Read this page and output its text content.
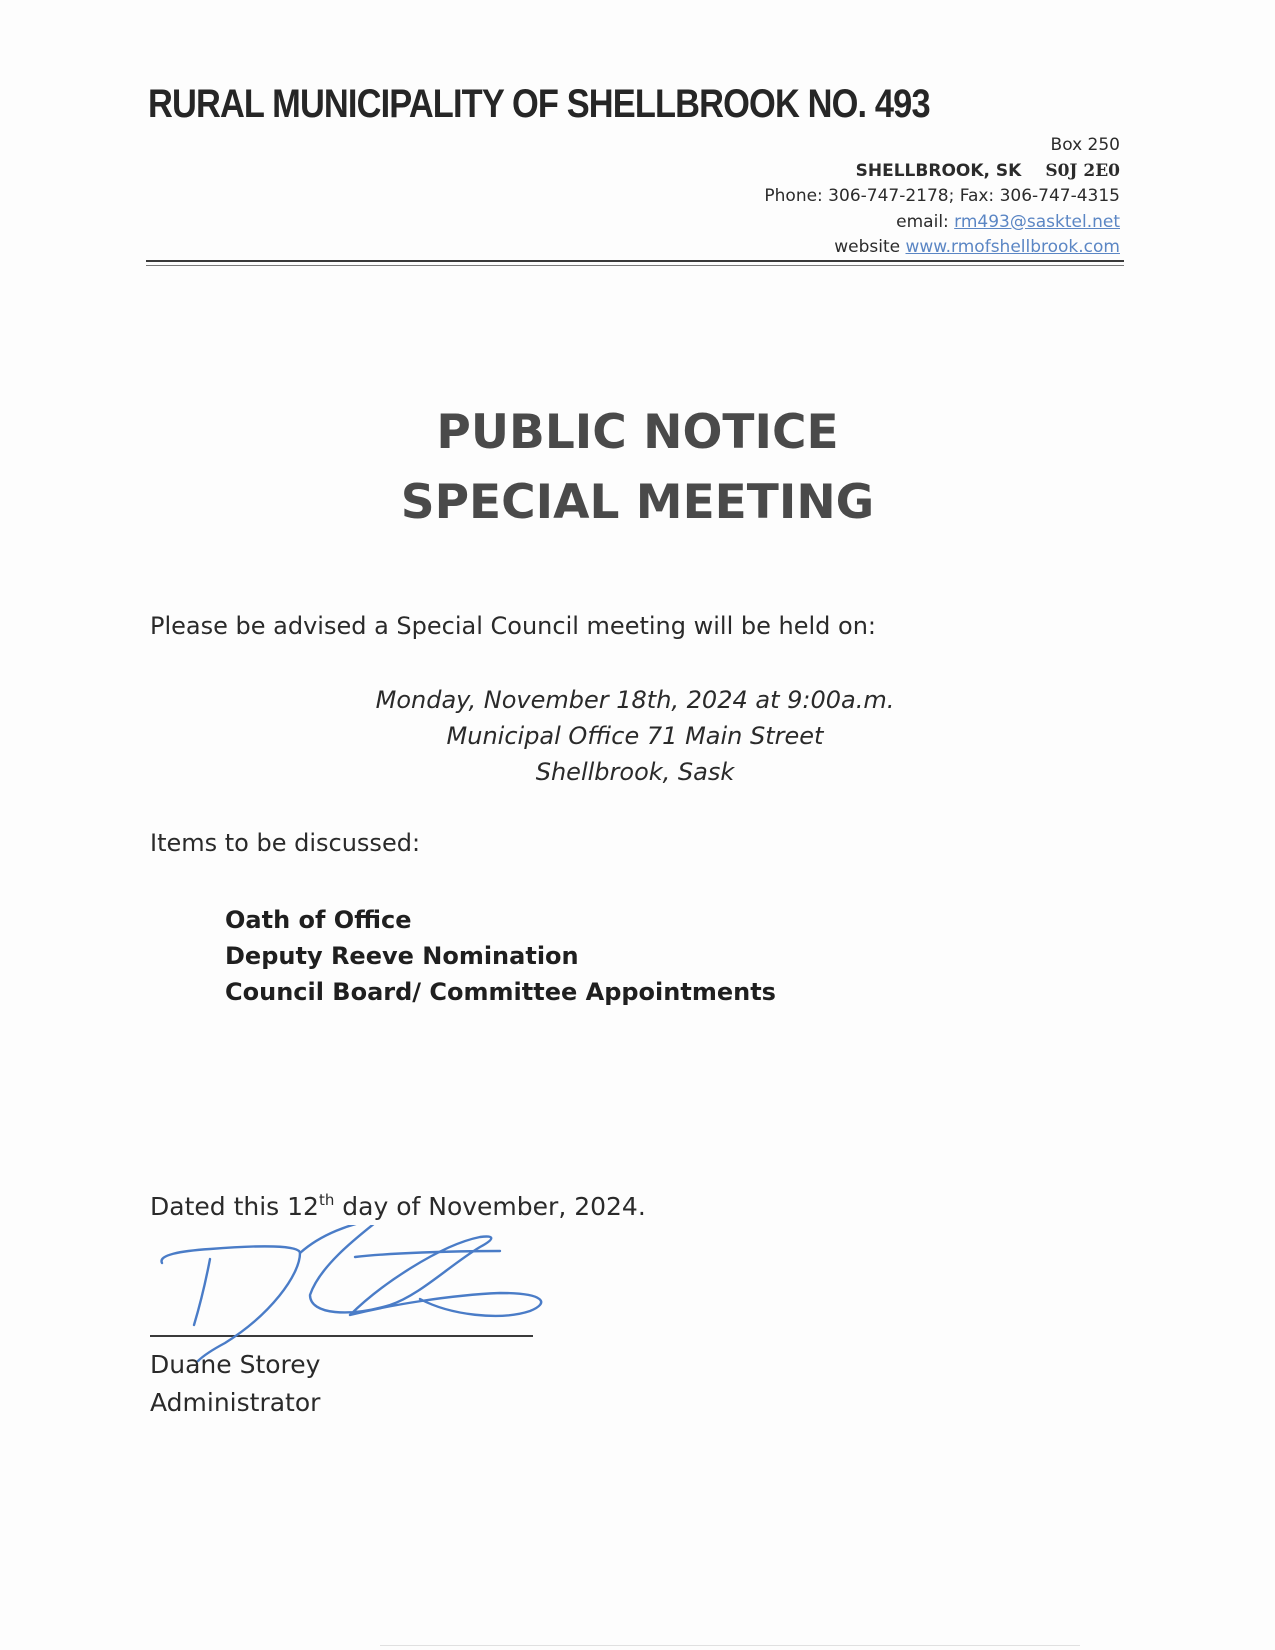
RURAL MUNICIPALITY OF SHELLBROOK NO. 493
Box 250
SHELLBROOK, SK S0J 2E0
Phone: 306-747-2178; Fax: 306-747-4315
email: rm493@sasktel.net
website www.rmofshellbrook.com
PUBLIC NOTICE
SPECIAL MEETING
Please be advised a Special Council meeting will be held on:
Monday, November 18th, 2024 at 9:00a.m.
Municipal Office 71 Main Street
Shellbrook, Sask
Items to be discussed:
Oath of Office
Deputy Reeve Nomination
Council Board/ Committee Appointments
Dated this 12th day of November, 2024.
Duane Storey
Administrator
